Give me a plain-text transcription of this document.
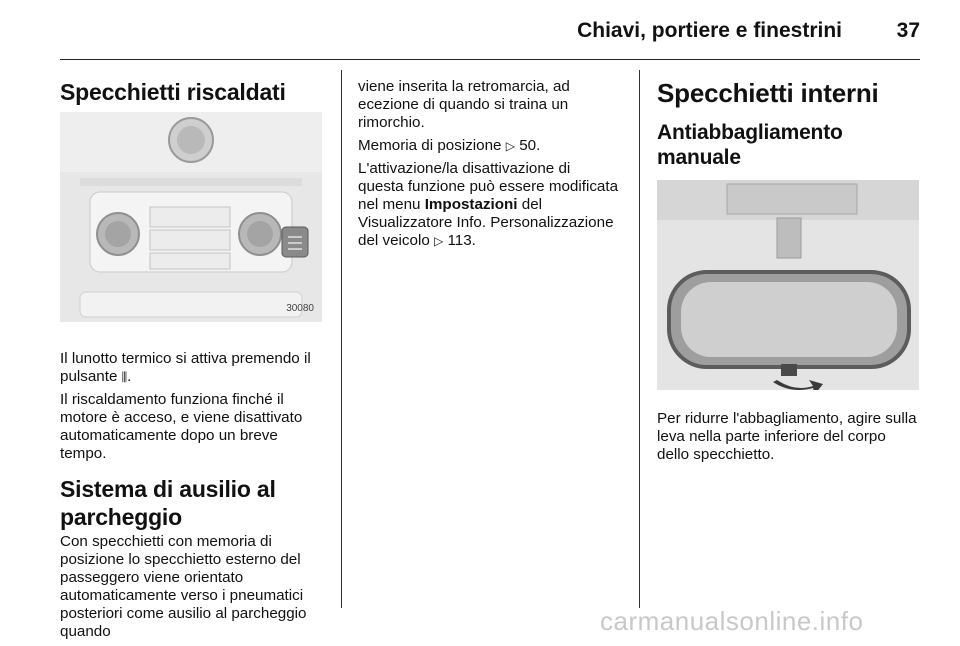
Chiavi, portiere e finestrini	37
Specchietti riscaldati
30080

Il lunotto termico si attiva premendo il pulsante ⫼.

Il riscaldamento funziona finché il motore è acceso, e viene disattivato automaticamente dopo un breve tempo.

Sistema di ausilio al parcheggio

Con specchietti con memoria di posizione lo specchietto esterno del passeggero viene orientato automaticamente verso i pneumatici posteriori come ausilio al parcheggio quando

viene inserita la retromarcia, ad ecezione di quando si traina un rimorchio.

Memoria di posizione ▷ 50.

L'attivazione/la disattivazione di questa funzione può essere modificata nel menu Impostazioni del Visualizzatore Info. Personalizzazione del veicolo ▷ 113.

Specchietti interni
Antiabbagliamento manuale

Per ridurre l'abbagliamento, agire sulla leva nella parte inferiore del corpo dello specchietto.

carmanualsonline.info
